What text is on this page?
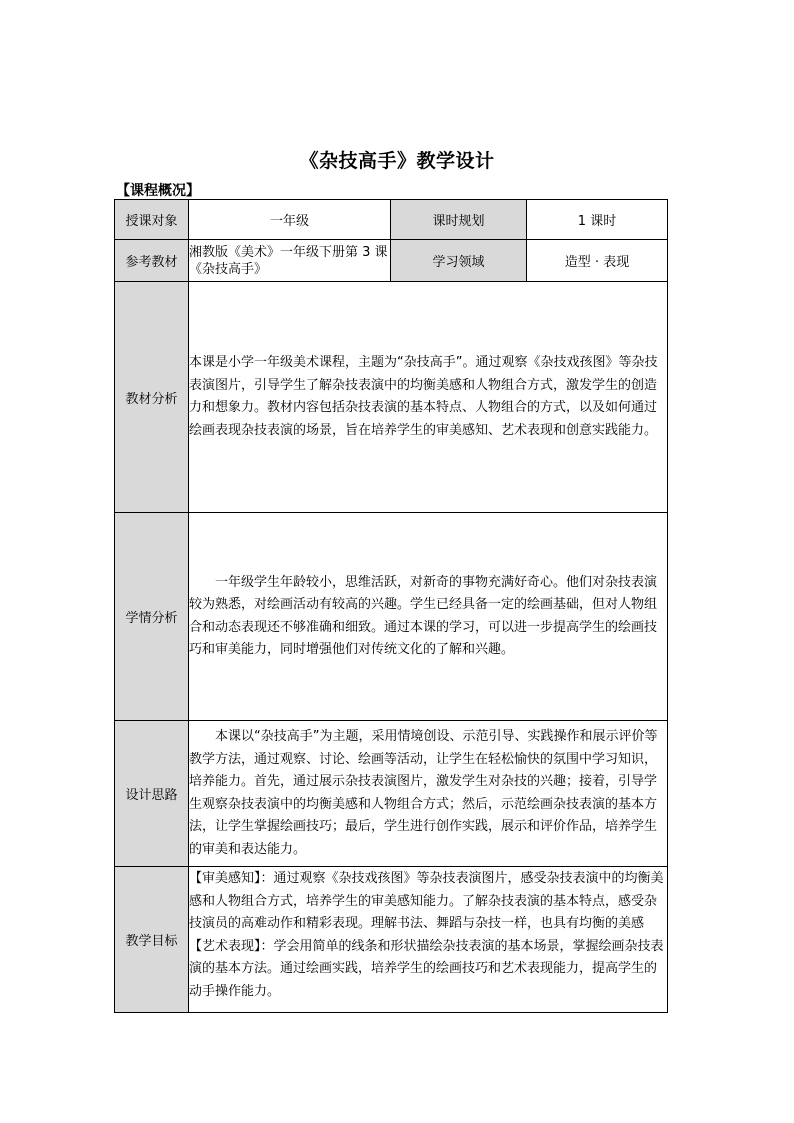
《杂技高手》教学设计
【课程概况】
授课对象	一年级	课时规划	1 课时
参考教材	湘教版《美术》一年级下册第 3 课《杂技高手》	学习领域	造型 · 表现
教材分析	本课是小学一年级美术课程，主题为“杂技高手”。通过观察《杂技戏孩图》等杂技表演图片，引导学生了解杂技表演中的均衡美感和人物组合方式，激发学生的创造力和想象力。教材内容包括杂技表演的基本特点、人物组合的方式，以及如何通过绘画表现杂技表演的场景，旨在培养学生的审美感知、艺术表现和创意实践能力。		

学情分析	一年级学生年龄较小，思维活跃，对新奇的事物充满好奇心。他们对杂技表演较为熟悉，对绘画活动有较高的兴趣。学生已经具备一定的绘画基础，但对人物组合和动态表现还不够准确和细致。通过本课的学习，可以进一步提高学生的绘画技巧和审美能力，同时增强他们对传统文化的了解和兴趣。		

设计思路	本课以“杂技高手”为主题，采用情境创设、示范引导、实践操作和展示评价等教学方法，通过观察、讨论、绘画等活动，让学生在轻松愉快的氛围中学习知识，培养能力。首先，通过展示杂技表演图片，激发学生对杂技的兴趣；接着，引导学生观察杂技表演中的均衡美感和人物组合方式；然后，示范绘画杂技表演的基本方法，让学生掌握绘画技巧；最后，学生进行创作实践，展示和评价作品，培养学生的审美和表达能力。		

教学目标	【审美感知】：通过观察《杂技戏孩图》等杂技表演图片，感受杂技表演中的均衡美感和人物组合方式，培养学生的审美感知能力。了解杂技表演的基本特点，感受杂技演员的高难动作和精彩表现。理解书法、舞蹈与杂技一样，也具有均衡的美感

【艺术表现】：学会用简单的线条和形状描绘杂技表演的基本场景，掌握绘画杂技表演的基本方法。通过绘画实践，培养学生的绘画技巧和艺术表现能力，提高学生的动手操作能力。		
